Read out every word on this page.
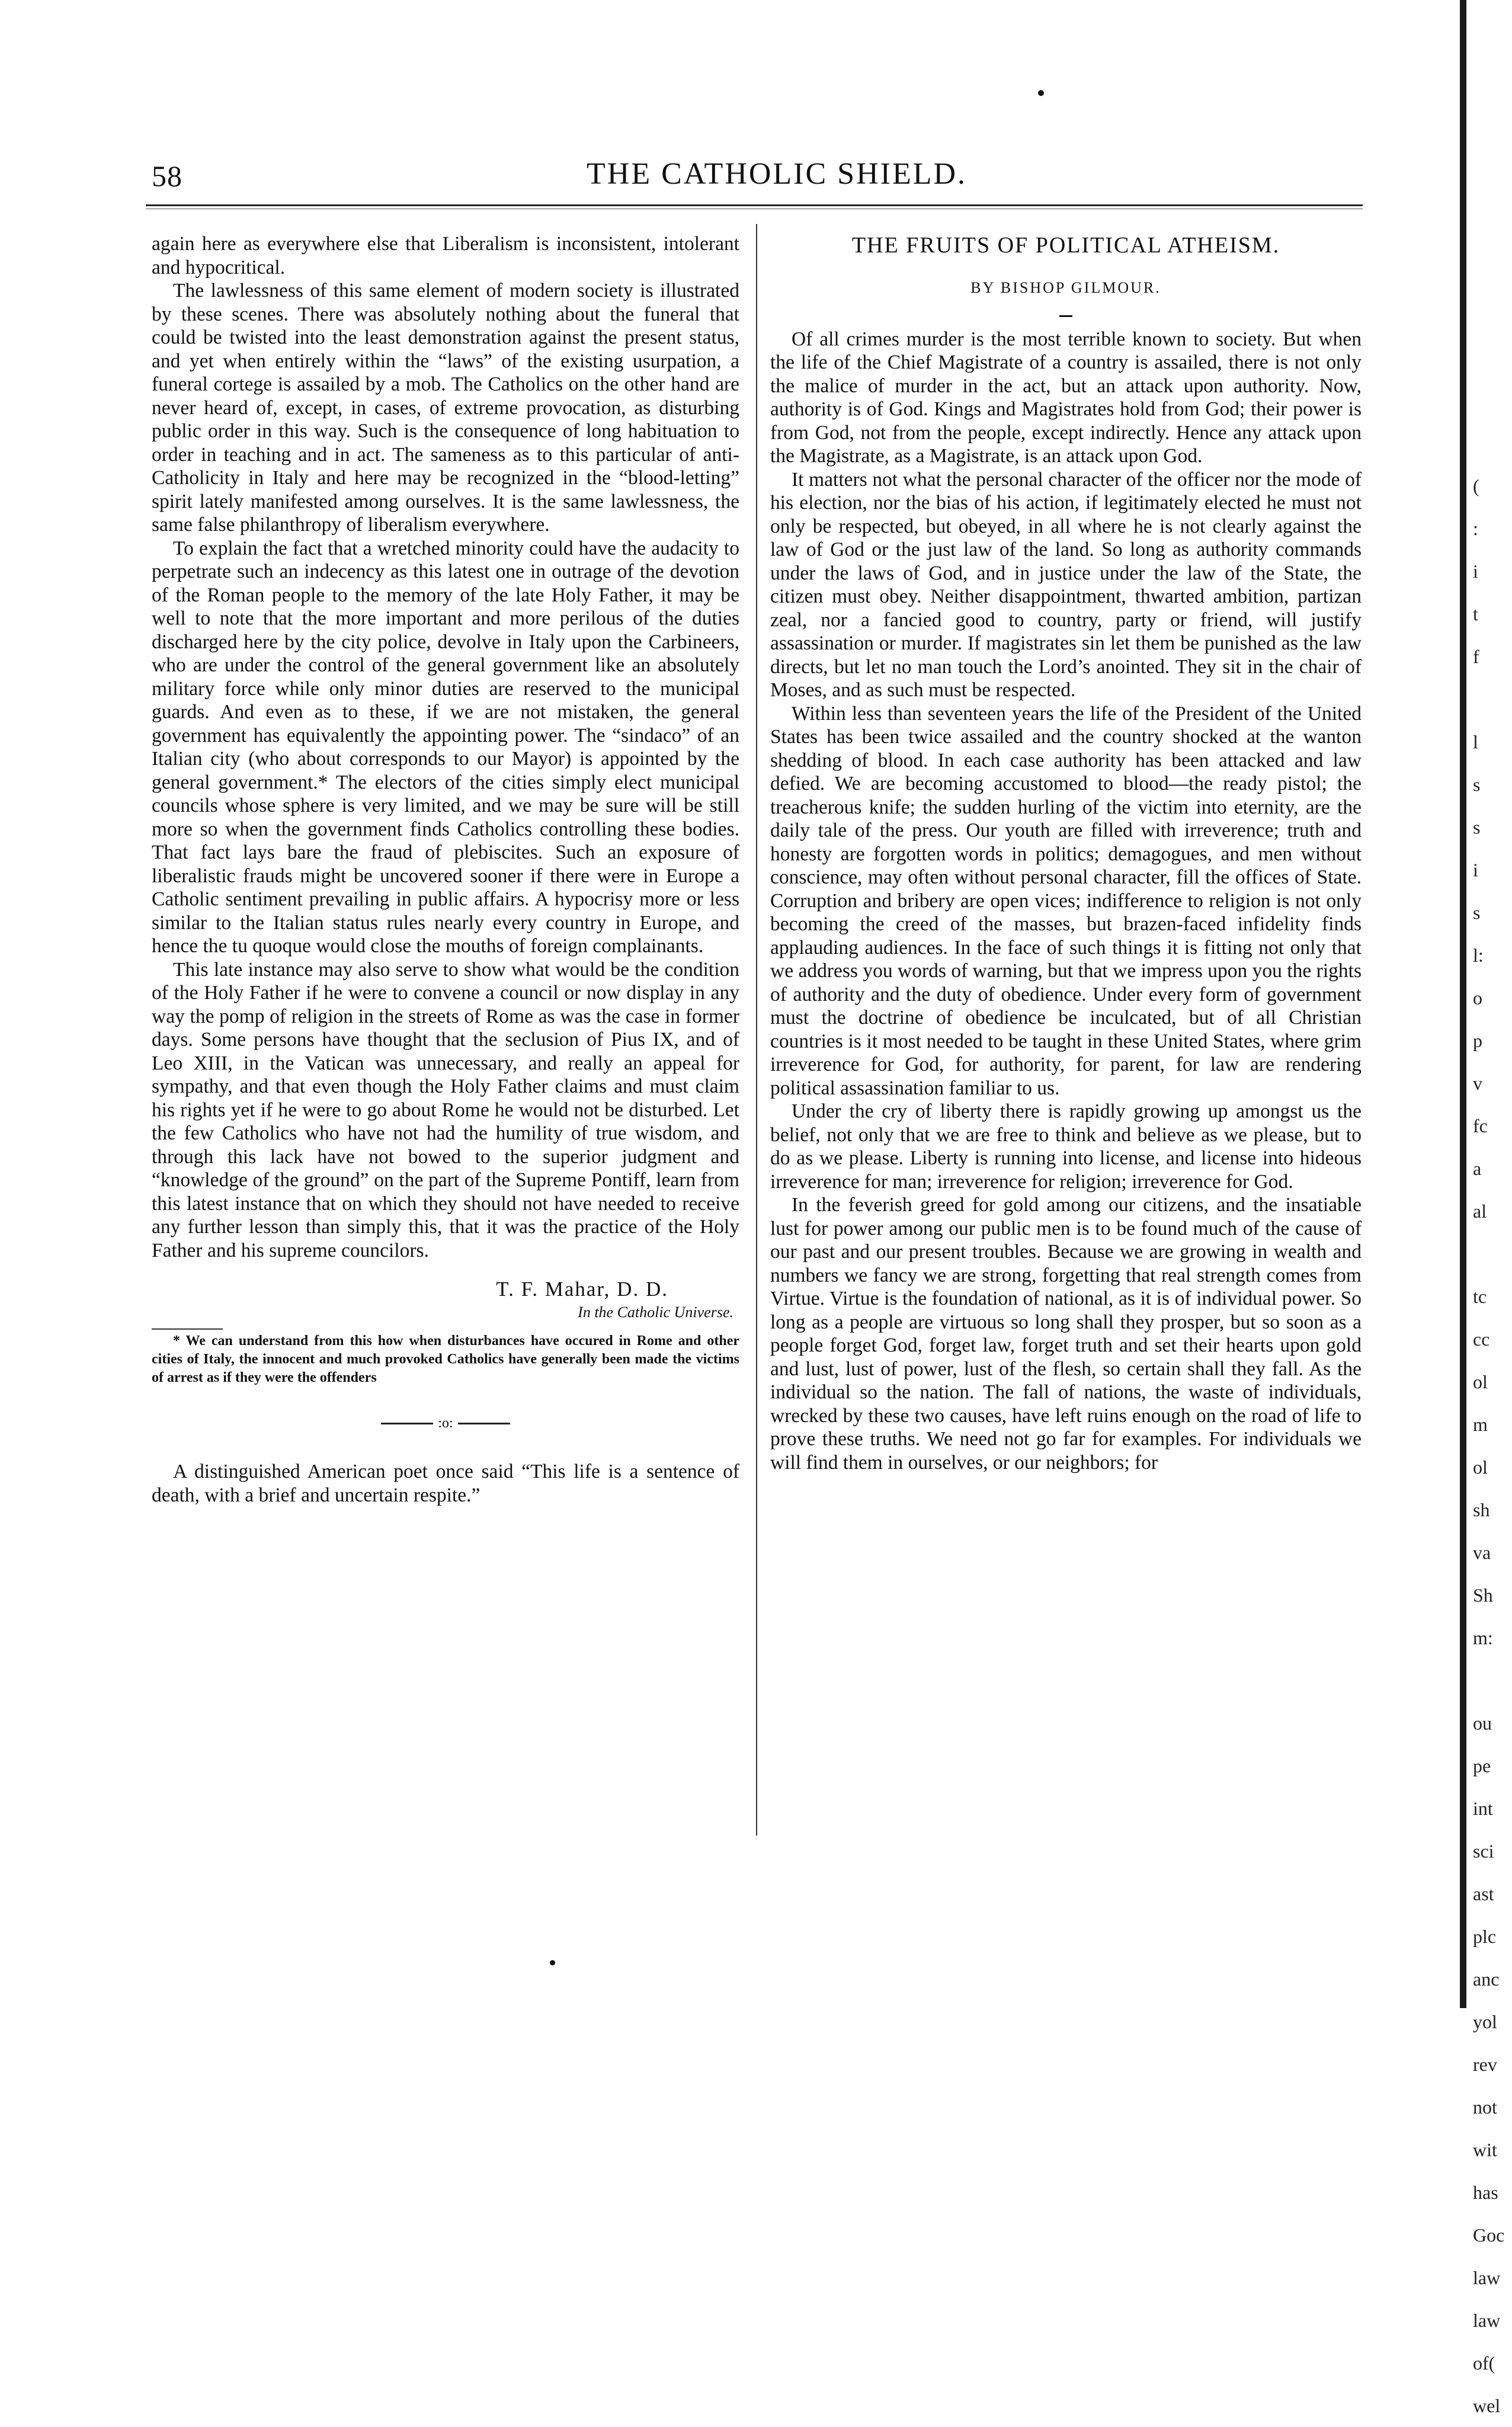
58	THE CATHOLIC SHIELD.

again here as everywhere else that Liberalism is inconsistent, intolerant and hypocritical.

The lawlessness of this same element of modern society is illustrated by these scenes. There was absolutely nothing about the funeral that could be twisted into the least demonstration against the present status, and yet when entirely within the “laws” of the existing usurpation, a funeral cortege is assailed by a mob. The Catholics on the other hand are never heard of, except, in cases, of extreme provocation, as disturbing public order in this way. Such is the consequence of long habituation to order in teaching and in act. The sameness as to this particular of anti-Catholicity in Italy and here may be recognized in the “blood-letting” spirit lately manifested among ourselves. It is the same lawlessness, the same false philanthropy of liberalism everywhere.

To explain the fact that a wretched minority could have the audacity to perpetrate such an indecency as this latest one in outrage of the devotion of the Roman people to the memory of the late Holy Father, it may be well to note that the more important and more perilous of the duties discharged here by the city police, devolve in Italy upon the Carbineers, who are under the control of the general government like an absolutely military force while only minor duties are reserved to the municipal guards. And even as to these, if we are not mistaken, the general government has equivalently the appointing power. The “sindaco” of an Italian city (who about corresponds to our Mayor) is appointed by the general government.* The electors of the cities simply elect municipal councils whose sphere is very limited, and we may be sure will be still more so when the government finds Catholics controlling these bodies. That fact lays bare the fraud of plebiscites. Such an exposure of liberalistic frauds might be uncovered sooner if there were in Europe a Catholic sentiment prevailing in public affairs. A hypocrisy more or less similar to the Italian status rules nearly every country in Europe, and hence the tu quoque would close the mouths of foreign complainants.

This late instance may also serve to show what would be the condition of the Holy Father if he were to convene a council or now display in any way the pomp of religion in the streets of Rome as was the case in former days. Some persons have thought that the seclusion of Pius IX, and of Leo XIII, in the Vatican was unnecessary, and really an appeal for sympathy, and that even though the Holy Father claims and must claim his rights yet if he were to go about Rome he would not be disturbed. Let the few Catholics who have not had the humility of true wisdom, and through this lack have not bowed to the superior judgment and “knowledge of the ground” on the part of the Supreme Pontiff, learn from this latest instance that on which they should not have needed to receive any further lesson than simply this, that it was the practice of the Holy Father and his supreme councilors.

T. F. Mahar, D. D.
In the Catholic Universe.

* We can understand from this how when disturbances have occured in Rome and other cities of Italy, the innocent and much provoked Catholics have generally been made the victims of arrest as if they were the offenders

:o:

A distinguished American poet once said “This life is a sentence of death, with a brief and uncertain respite.”

THE FRUITS OF POLITICAL ATHEISM.
BY BISHOP GILMOUR.

Of all crimes murder is the most terrible known to society. But when the life of the Chief Magistrate of a country is assailed, there is not only the malice of murder in the act, but an attack upon authority. Now, authority is of God. Kings and Magistrates hold from God; their power is from God, not from the people, except indirectly. Hence any attack upon the Magistrate, as a Magistrate, is an attack upon God.

It matters not what the personal character of the officer nor the mode of his election, nor the bias of his action, if legitimately elected he must not only be respected, but obeyed, in all where he is not clearly against the law of God or the just law of the land. So long as authority commands under the laws of God, and in justice under the law of the State, the citizen must obey. Neither disappointment, thwarted ambition, partizan zeal, nor a fancied good to country, party or friend, will justify assassination or murder. If magistrates sin let them be punished as the law directs, but let no man touch the Lord’s anointed. They sit in the chair of Moses, and as such must be respected.

Within less than seventeen years the life of the President of the United States has been twice assailed and the country shocked at the wanton shedding of blood. In each case authority has been attacked and law defied. We are becoming accustomed to blood—the ready pistol; the treacherous knife; the sudden hurling of the victim into eternity, are the daily tale of the press. Our youth are filled with irreverence; truth and honesty are forgotten words in politics; demagogues, and men without conscience, may often without personal character, fill the offices of State. Corruption and bribery are open vices; indifference to religion is not only becoming the creed of the masses, but brazen-faced infidelity finds applauding audiences. In the face of such things it is fitting not only that we address you words of warning, but that we impress upon you the rights of authority and the duty of obedience. Under every form of government must the doctrine of obedience be inculcated, but of all Christian countries is it most needed to be taught in these United States, where grim irreverence for God, for authority, for parent, for law are rendering political assassination familiar to us.

Under the cry of liberty there is rapidly growing up amongst us the belief, not only that we are free to think and believe as we please, but to do as we please. Liberty is running into license, and license into hideous irreverence for man; irreverence for religion; irreverence for God.

In the feverish greed for gold among our citizens, and the insatiable lust for power among our public men is to be found much of the cause of our past and our present troubles. Because we are growing in wealth and numbers we fancy we are strong, forgetting that real strength comes from Virtue. Virtue is the foundation of national, as it is of individual power. So long as a people are virtuous so long shall they prosper, but so soon as a people forget God, forget law, forget truth and set their hearts upon gold and lust, lust of power, lust of the flesh, so certain shall they fall. As the individual so the nation. The fall of nations, the waste of individuals, wrecked by these two causes, have left ruins enough on the road of life to prove these truths. We need not go far for examples. For individuals we will find them in ourselves, or our neighbors; for

(
:
i
t
f
l
s
s
i
s
l:
o
p
v
fc
a
al
tc
cc
ol
m
ol
sh
va
Sh
m:
ou
pe
int
sci
ast
plc
anc
yol
rev
not
wit
has
Goc
law
law
of(
wel
